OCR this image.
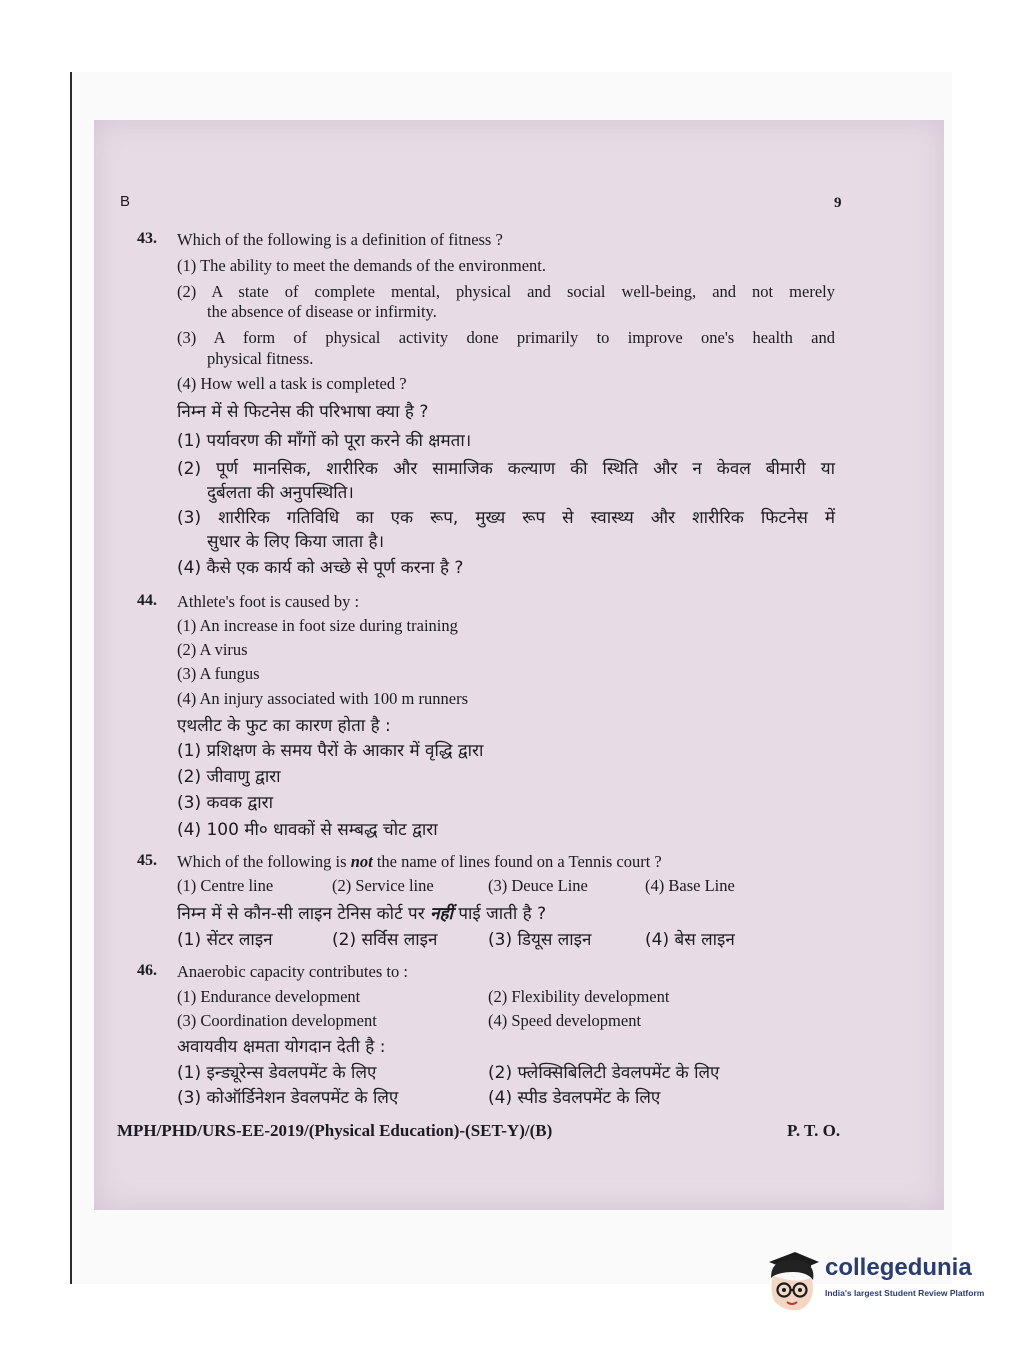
B	9
43. Which of the following is a definition of fitness ?
(1) The ability to meet the demands of the environment.
(2) A state of complete mental, physical and social well-being, and not merely
the absence of disease or infirmity.
(3) A form of physical activity done primarily to improve one's health and
physical fitness.
(4) How well a task is completed ?
निम्न में से फिटनेस की परिभाषा क्या है ?
(1) पर्यावरण की माँगों को पूरा करने की क्षमता।
(2) पूर्ण मानसिक, शारीरिक और सामाजिक कल्याण की स्थिति और न केवल बीमारी या
दुर्बलता की अनुपस्थिति।
(3) शारीरिक गतिविधि का एक रूप, मुख्य रूप से स्वास्थ्य और शारीरिक फिटनेस में
सुधार के लिए किया जाता है।
(4) कैसे एक कार्य को अच्छे से पूर्ण करना है ?
44. Athlete's foot is caused by :
(1) An increase in foot size during training
(2) A virus
(3) A fungus
(4) An injury associated with 100 m runners
एथलीट के फुट का कारण होता है :
(1) प्रशिक्षण के समय पैरों के आकार में वृद्धि द्वारा
(2) जीवाणु द्वारा
(3) कवक द्वारा
(4) 100 मी० धावकों से सम्बद्ध चोट द्वारा
45. Which of the following is not the name of lines found on a Tennis court ?
(1) Centre line	(2) Service line	(3) Deuce Line	(4) Base Line
निम्न में से कौन-सी लाइन टेनिस कोर्ट पर नहीं पाई जाती है ?
(1) सेंटर लाइन	(2) सर्विस लाइन	(3) डियूस लाइन	(4) बेस लाइन
46. Anaerobic capacity contributes to :
(1) Endurance development	(2) Flexibility development
(3) Coordination development	(4) Speed development
अवायवीय क्षमता योगदान देती है :
(1) इन्ड्यूरेन्स डेवलपमेंट के लिए	(2) फ्लेक्सिबिलिटी डेवलपमेंट के लिए
(3) कोऑर्डिनेशन डेवलपमेंट के लिए	(4) स्पीड डेवलपमेंट के लिए
MPH/PHD/URS-EE-2019/(Physical Education)-(SET-Y)/(B)	P. T. O.
collegedunia
India's largest Student Review Platform
